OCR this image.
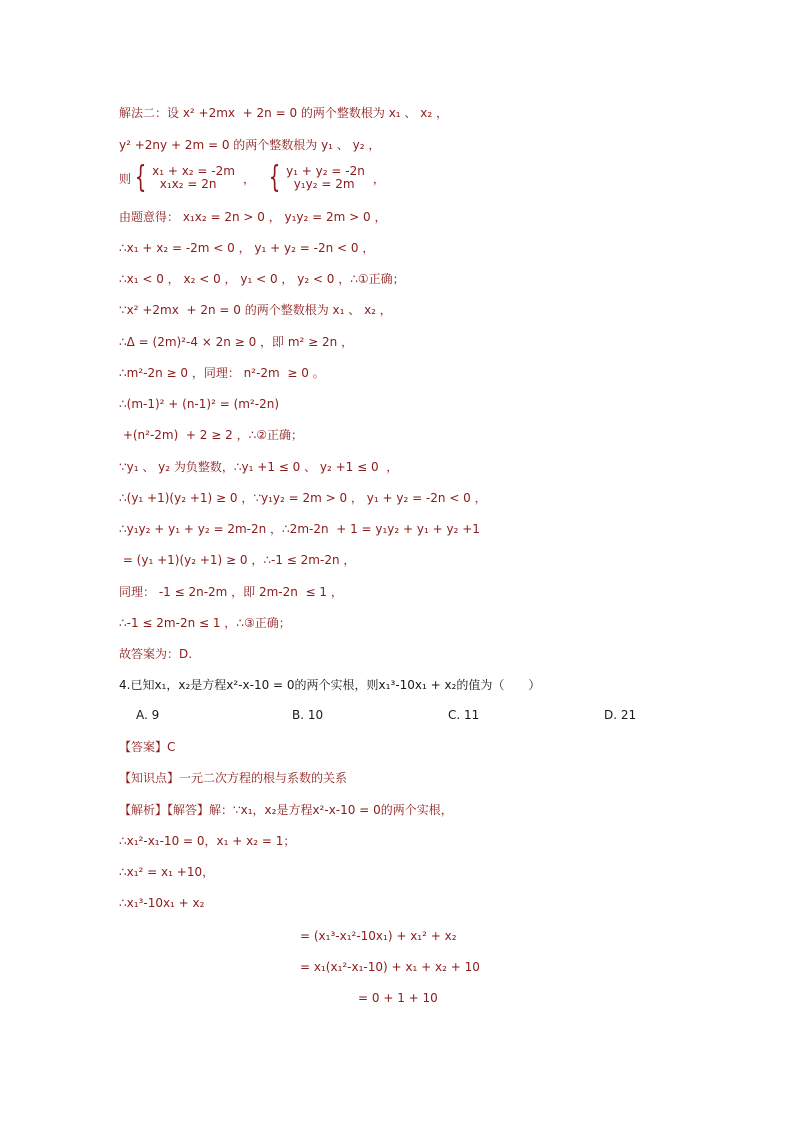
解法二：设 x² +2mx  + 2n = 0 的两个整数根为 x₁ 、 x₂ ，
y² +2ny + 2m = 0 的两个整数根为 y₁ 、 y₂ ，
则 { x₁ + x₂ = -2m
x₁x₂ = 2n	， { y₁ + y₂ = -2n
y₁y₂ = 2m	，
由题意得： x₁x₂ = 2n > 0 ， y₁y₂ = 2m > 0 ，
∴x₁ + x₂ = -2m < 0 ， y₁ + y₂ = -2n < 0 ，
∴x₁ < 0 ， x₂ < 0 ， y₁ < 0 ， y₂ < 0 ，∴①正确；
∵x² +2mx  + 2n = 0 的两个整数根为 x₁ 、 x₂ ，
∴Δ = (2m)²-4 × 2n ≥ 0 ，即 m² ≥ 2n ，
∴m²-2n ≥ 0 ，同理： n²-2m  ≥ 0 。
∴(m-1)² + (n-1)² = (m²-2n)
+(n²-2m)  + 2 ≥ 2 ，∴②正确；
∵y₁ 、 y₂ 为负整数，∴y₁ +1 ≤ 0 、 y₂ +1 ≤ 0  ，
∴(y₁ +1)(y₂ +1) ≥ 0 ，∵y₁y₂ = 2m > 0 ， y₁ + y₂ = -2n < 0 ，
∴y₁y₂ + y₁ + y₂ = 2m-2n ，∴2m-2n  + 1 = y₁y₂ + y₁ + y₂ +1
= (y₁ +1)(y₂ +1) ≥ 0 ，∴-1 ≤ 2m-2n ，
同理： -1 ≤ 2n-2m ，即 2m-2n  ≤ 1 ，
∴-1 ≤ 2m-2n ≤ 1 ，∴③正确；
故答案为：D.
4.已知x₁，x₂是方程x²-x-10 = 0的两个实根，则x₁³-10x₁ + x₂的值为（　　）
A. 9	B. 10	C. 11	D. 21
【答案】C
【知识点】一元二次方程的根与系数的关系
【解析】【解答】解：∵x₁，x₂是方程x²-x-10 = 0的两个实根，
∴x₁²-x₁-10 = 0，x₁ + x₂ = 1；
∴x₁² = x₁ +10，
∴x₁³-10x₁ + x₂
= (x₁³-x₁²-10x₁) + x₁² + x₂
= x₁(x₁²-x₁-10) + x₁ + x₂ + 10
= 0 + 1 + 10
